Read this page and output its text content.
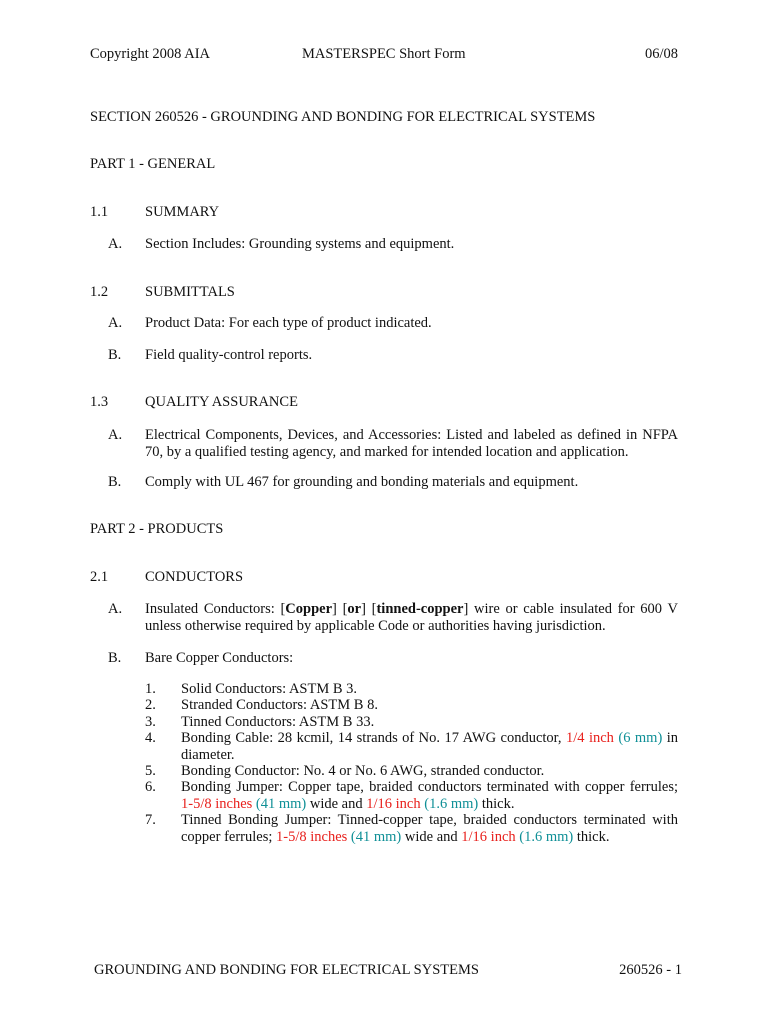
Copyright 2008 AIA	MASTERSPEC Short Form	06/08
SECTION 260526 - GROUNDING AND BONDING FOR ELECTRICAL SYSTEMS
PART 1 - GENERAL
1.1	SUMMARY
A. Section Includes: Grounding systems and equipment.
1.2	SUBMITTALS
A. Product Data: For each type of product indicated.
B. Field quality-control reports.
1.3	QUALITY ASSURANCE
A. Electrical Components, Devices, and Accessories: Listed and labeled as defined in NFPA 70, by a qualified testing agency, and marked for intended location and application.
B. Comply with UL 467 for grounding and bonding materials and equipment.
PART 2 - PRODUCTS
2.1	CONDUCTORS
A. Insulated Conductors: [Copper] [or] [tinned-copper] wire or cable insulated for 600 V unless otherwise required by applicable Code or authorities having jurisdiction.
B. Bare Copper Conductors:
1. Solid Conductors: ASTM B 3.
2. Stranded Conductors: ASTM B 8.
3. Tinned Conductors: ASTM B 33.
4. Bonding Cable: 28 kcmil, 14 strands of No. 17 AWG conductor, 1/4 inch (6 mm) in diameter.
5. Bonding Conductor: No. 4 or No. 6 AWG, stranded conductor.
6. Bonding Jumper: Copper tape, braided conductors terminated with copper ferrules; 1-5/8 inches (41 mm) wide and 1/16 inch (1.6 mm) thick.
7. Tinned Bonding Jumper: Tinned-copper tape, braided conductors terminated with copper ferrules; 1-5/8 inches (41 mm) wide and 1/16 inch (1.6 mm) thick.
GROUNDING AND BONDING FOR ELECTRICAL SYSTEMS	260526 - 1
